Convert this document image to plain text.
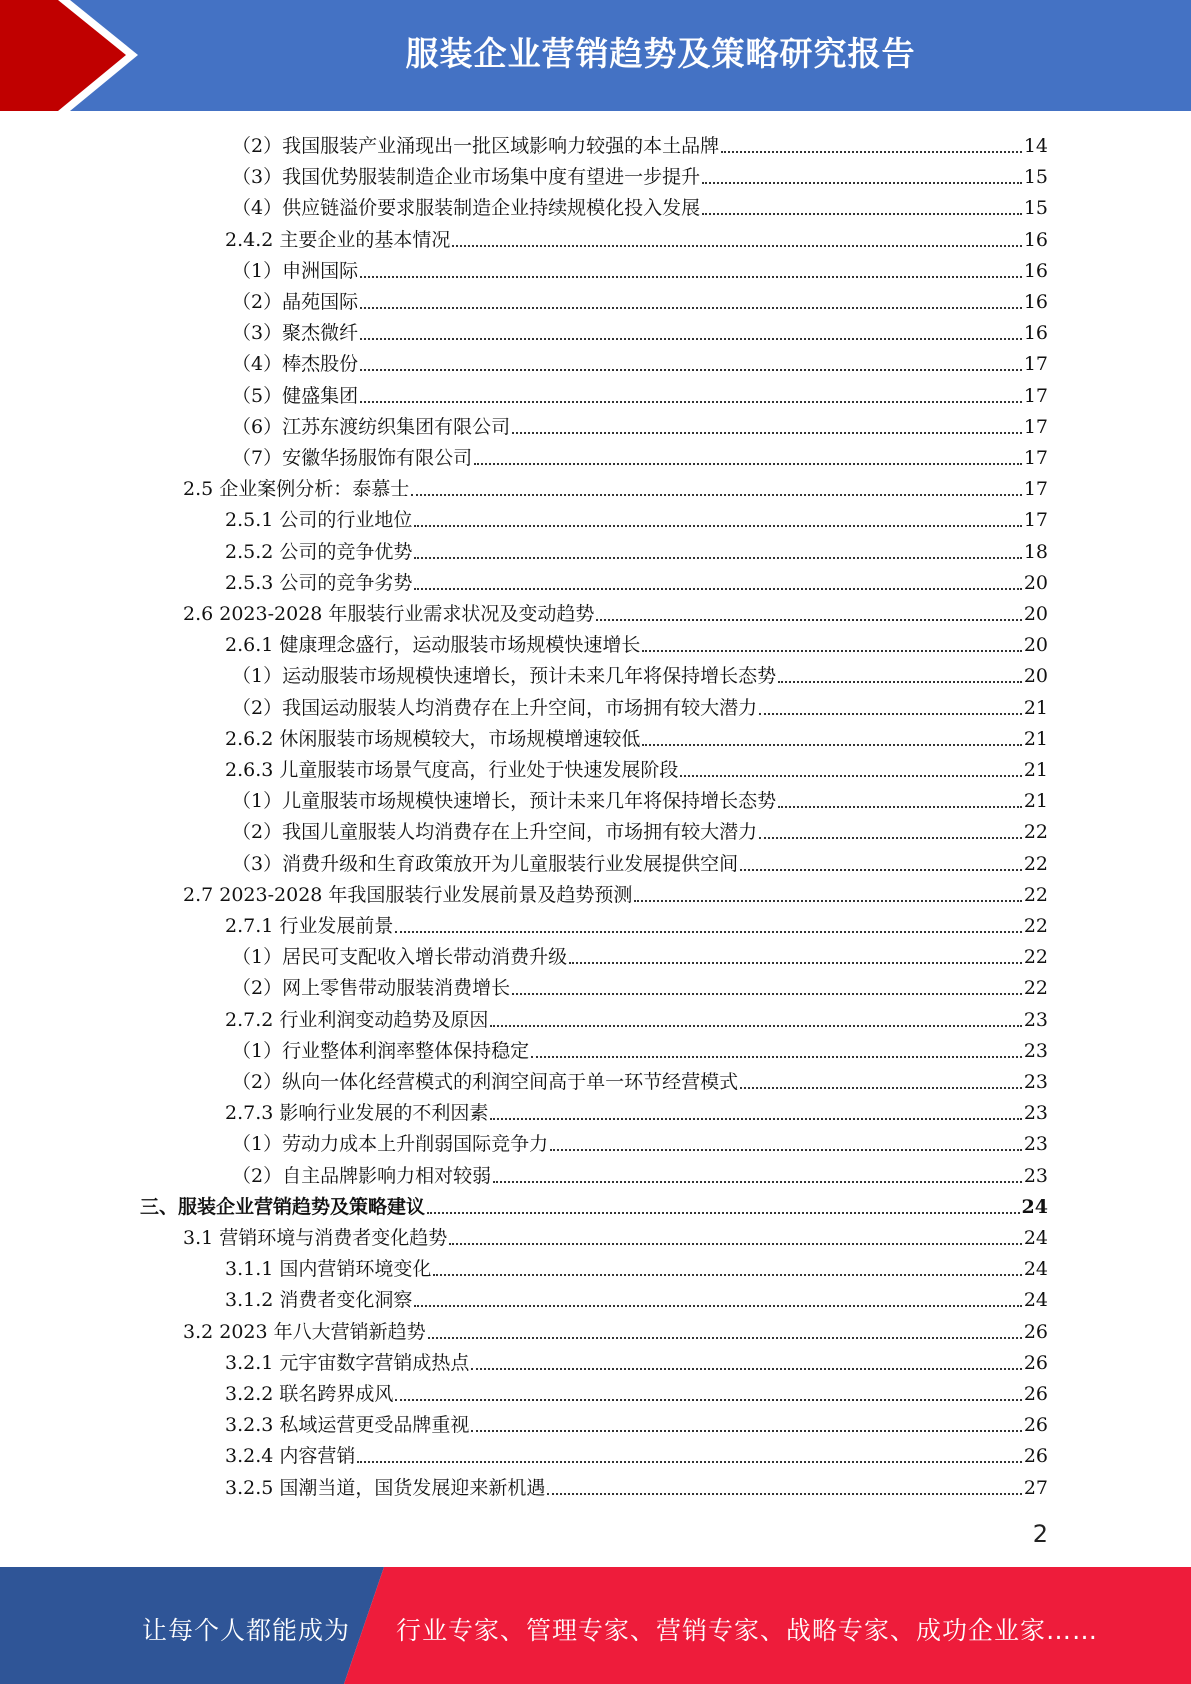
服装企业营销趋势及策略研究报告
（2）我国服装产业涌现出一批区域影响力较强的本土品牌	14
（3）我国优势服装制造企业市场集中度有望进一步提升	15
（4）供应链溢价要求服装制造企业持续规模化投入发展	15
2.4.2 主要企业的基本情况	16
（1）申洲国际	16
（2）晶苑国际	16
（3）聚杰微纤	16
（4）棒杰股份	17
（5）健盛集团	17
（6）江苏东渡纺织集团有限公司	17
（7）安徽华扬服饰有限公司	17
2.5 企业案例分析：泰慕士	17
2.5.1 公司的行业地位	17
2.5.2 公司的竞争优势	18
2.5.3 公司的竞争劣势	20
2.6 2023-2028 年服装行业需求状况及变动趋势	20
2.6.1 健康理念盛行，运动服装市场规模快速增长	20
（1）运动服装市场规模快速增长，预计未来几年将保持增长态势	20
（2）我国运动服装人均消费存在上升空间，市场拥有较大潜力	21
2.6.2 休闲服装市场规模较大，市场规模增速较低	21
2.6.3 儿童服装市场景气度高，行业处于快速发展阶段	21
（1）儿童服装市场规模快速增长，预计未来几年将保持增长态势	21
（2）我国儿童服装人均消费存在上升空间，市场拥有较大潜力	22
（3）消费升级和生育政策放开为儿童服装行业发展提供空间	22
2.7 2023-2028 年我国服装行业发展前景及趋势预测	22
2.7.1 行业发展前景	22
（1）居民可支配收入增长带动消费升级	22
（2）网上零售带动服装消费增长	22
2.7.2 行业利润变动趋势及原因	23
（1）行业整体利润率整体保持稳定	23
（2）纵向一体化经营模式的利润空间高于单一环节经营模式	23
2.7.3 影响行业发展的不利因素	23
（1）劳动力成本上升削弱国际竞争力	23
（2）自主品牌影响力相对较弱	23
三、服装企业营销趋势及策略建议	24
3.1 营销环境与消费者变化趋势	24
3.1.1 国内营销环境变化	24
3.1.2 消费者变化洞察	24
3.2 2023 年八大营销新趋势	26
3.2.1 元宇宙数字营销成热点	26
3.2.2 联名跨界成风	26
3.2.3 私域运营更受品牌重视	26
3.2.4 内容营销	26
3.2.5 国潮当道，国货发展迎来新机遇	27
2
让每个人都能成为 行业专家、管理专家、营销专家、战略专家、成功企业家……
